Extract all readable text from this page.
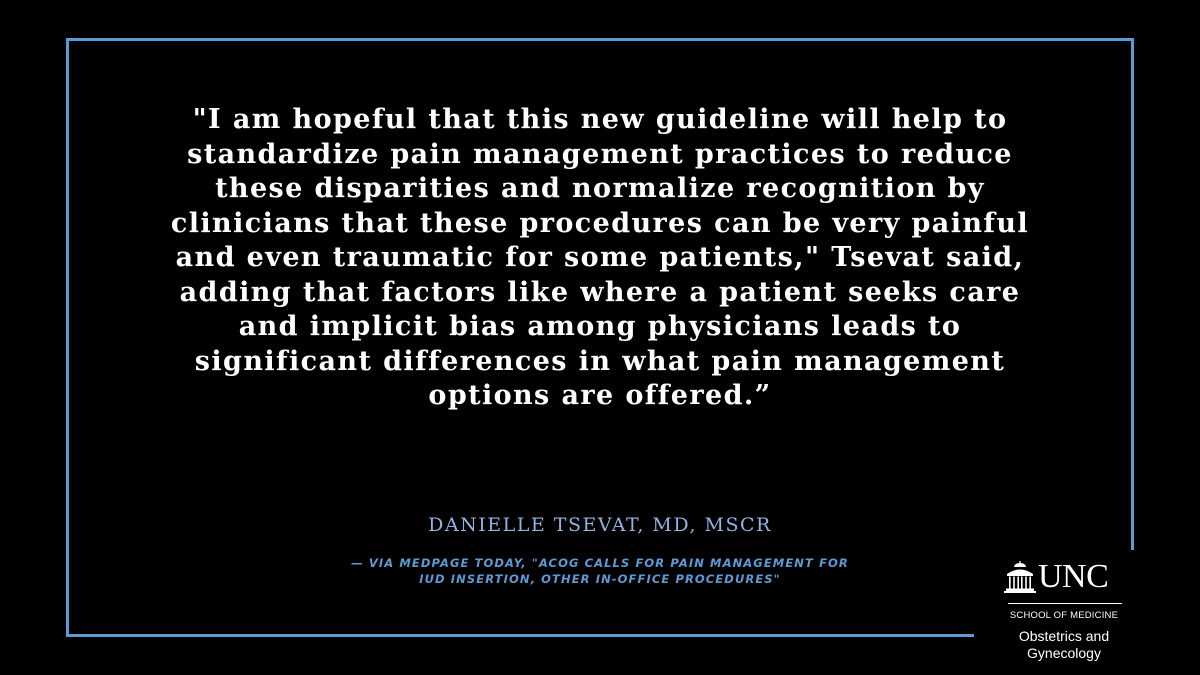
"I am hopeful that this new guideline will help to standardize pain management practices to reduce these disparities and normalize recognition by clinicians that these procedures can be very painful and even traumatic for some patients," Tsevat said, adding that factors like where a patient seeks care and implicit bias among physicians leads to significant differences in what pain management options are offered.”

DANIELLE TSEVAT, MD, MSCR

— VIA MEDPAGE TODAY, "ACOG CALLS FOR PAIN MANAGEMENT FOR IUD INSERTION, OTHER IN-OFFICE PROCEDURES"	UNC
SCHOOL OF MEDICINE
Obstetrics and Gynecology
